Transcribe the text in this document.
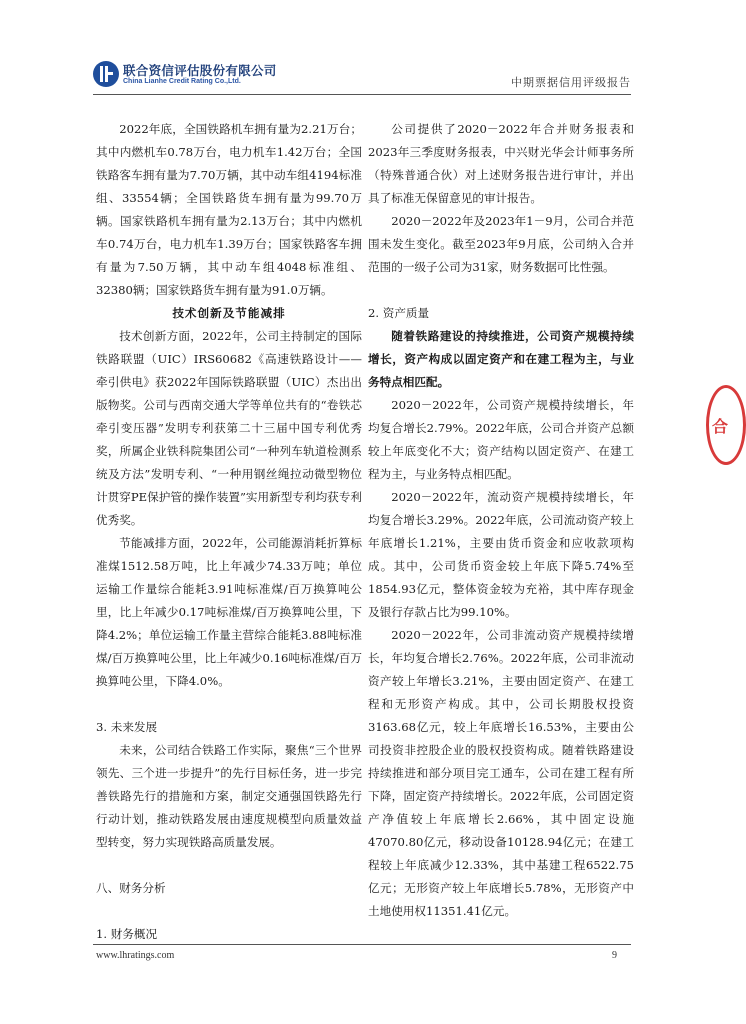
联合资信评估股份有限公司
China Lianhe Credit Rating Co.,Ltd.	中期票据信用评级报告

2022年底，全国铁路机车拥有量为2.21万台；其中内燃机车0.78万台，电力机车1.42万台；全国铁路客车拥有量为7.70万辆，其中动车组4194标准组、33554辆；全国铁路货车拥有量为99.70万辆。国家铁路机车拥有量为2.13万台；其中内燃机车0.74万台，电力机车1.39万台；国家铁路客车拥有量为7.50万辆，其中动车组4048标准组、32380辆；国家铁路货车拥有量为91.0万辆。

技术创新及节能减排

技术创新方面，2022年，公司主持制定的国际铁路联盟（UIC）IRS60682《高速铁路设计——牵引供电》获2022年国际铁路联盟（UIC）杰出出版物奖。公司与西南交通大学等单位共有的“卷铁芯牵引变压器”发明专利获第二十三届中国专利优秀奖，所属企业铁科院集团公司“一种列车轨道检测系统及方法”发明专利、“一种用钢丝绳拉动微型物位计贯穿PE保护管的操作装置”实用新型专利均获专利优秀奖。

节能减排方面，2022年，公司能源消耗折算标准煤1512.58万吨，比上年减少74.33万吨；单位运输工作量综合能耗3.91吨标准煤/百万换算吨公里，比上年减少0.17吨标准煤/百万换算吨公里，下降4.2%；单位运输工作量主营综合能耗3.88吨标准煤/百万换算吨公里，比上年减少0.16吨标准煤/百万换算吨公里，下降4.0%。

3. 未来发展

未来，公司结合铁路工作实际，聚焦“三个世界领先、三个进一步提升”的先行目标任务，进一步完善铁路先行的措施和方案，制定交通强国铁路先行行动计划，推动铁路发展由速度规模型向质量效益型转变，努力实现铁路高质量发展。

八、财务分析

1. 财务概况

公司提供了2020－2022年合并财务报表和2023年三季度财务报表，中兴财光华会计师事务所（特殊普通合伙）对上述财务报告进行审计，并出具了标准无保留意见的审计报告。

2020－2022年及2023年1－9月，公司合并范围未发生变化。截至2023年9月底，公司纳入合并范围的一级子公司为31家，财务数据可比性强。

2. 资产质量

随着铁路建设的持续推进，公司资产规模持续增长，资产构成以固定资产和在建工程为主，与业务特点相匹配。

2020－2022年，公司资产规模持续增长，年均复合增长2.79%。2022年底，公司合并资产总额较上年底变化不大；资产结构以固定资产、在建工程为主，与业务特点相匹配。

2020－2022年，流动资产规模持续增长，年均复合增长3.29%。2022年底，公司流动资产较上年底增长1.21%，主要由货币资金和应收款项构成。其中，公司货币资金较上年底下降5.74%至1854.93亿元，整体资金较为充裕，其中库存现金及银行存款占比为99.10%。

2020－2022年，公司非流动资产规模持续增长，年均复合增长2.76%。2022年底，公司非流动资产较上年增长3.21%，主要由固定资产、在建工程和无形资产构成。其中，公司长期股权投资3163.68亿元，较上年底增长16.53%，主要由公司投资非控股企业的股权投资构成。随着铁路建设持续推进和部分项目完工通车，公司在建工程有所下降，固定资产持续增长。2022年底，公司固定资产净值较上年底增长2.66%，其中固定设施47070.80亿元，移动设备10128.94亿元；在建工程较上年底减少12.33%，其中基建工程6522.75亿元；无形资产较上年底增长5.78%，无形资产中土地使用权11351.41亿元。

合
www.lhratings.com	9
